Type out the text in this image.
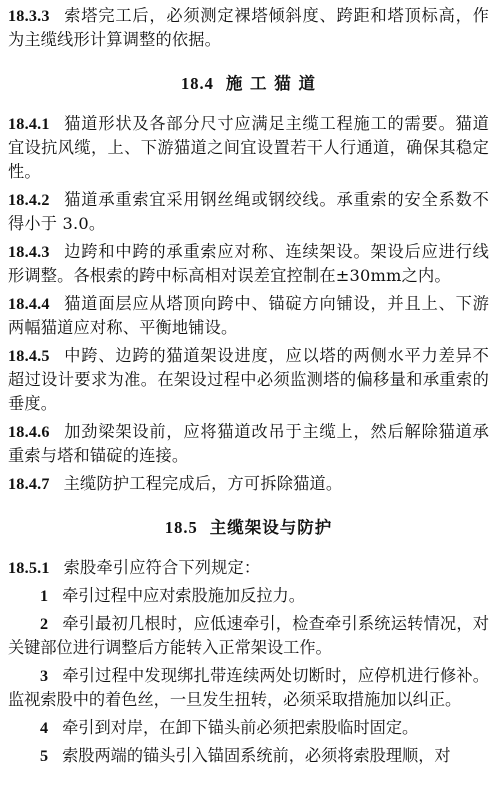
18.3.3 索塔完工后，必须测定裸塔倾斜度、跨距和塔顶标高，作为主缆线形计算调整的依据。

18.4 施 工 猫 道

18.4.1 猫道形状及各部分尺寸应满足主缆工程施工的需要。猫道宜设抗风缆，上、下游猫道之间宜设置若干人行通道，确保其稳定性。

18.4.2 猫道承重索宜采用钢丝绳或钢绞线。承重索的安全系数不得小于 3.0。

18.4.3 边跨和中跨的承重索应对称、连续架设。架设后应进行线形调整。各根索的跨中标高相对误差宜控制在±30mm之内。

18.4.4 猫道面层应从塔顶向跨中、锚碇方向铺设，并且上、下游两幅猫道应对称、平衡地铺设。

18.4.5 中跨、边跨的猫道架设进度，应以塔的两侧水平力差异不超过设计要求为准。在架设过程中必须监测塔的偏移量和承重索的垂度。

18.4.6 加劲梁架设前，应将猫道改吊于主缆上，然后解除猫道承重索与塔和锚碇的连接。

18.4.7 主缆防护工程完成后，方可拆除猫道。

18.5 主缆架设与防护

18.5.1 索股牵引应符合下列规定：

1 牵引过程中应对索股施加反拉力。

2 牵引最初几根时，应低速牵引，检查牵引系统运转情况，对关键部位进行调整后方能转入正常架设工作。

3 牵引过程中发现绑扎带连续两处切断时，应停机进行修补。监视索股中的着色丝，一旦发生扭转，必须采取措施加以纠正。

4 牵引到对岸，在卸下锚头前必须把索股临时固定。

5 索股两端的锚头引入锚固系统前，必须将索股理顺，对
